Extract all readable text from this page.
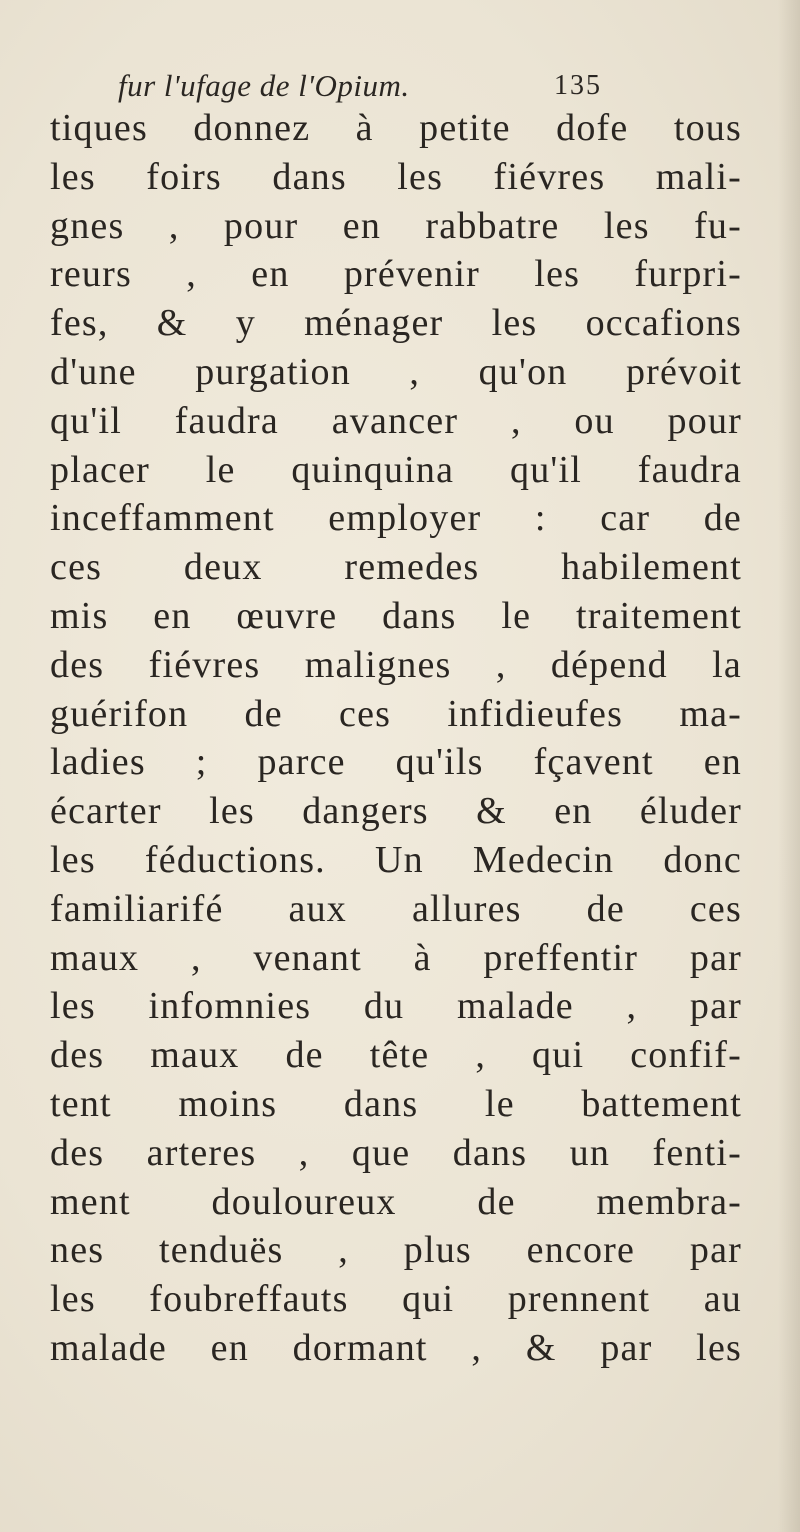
fur l'ufage de l'Opium.	135
tiques donnez à petite dofe tous
les foirs dans les fiévres mali-
gnes , pour en rabbatre les fu-
reurs , en prévenir les furpri-
fes, & y ménager les occafions
d'une purgation , qu'on prévoit
qu'il faudra avancer , ou pour
placer le quinquina qu'il faudra
inceffamment employer : car de
ces deux remedes habilement
mis en œuvre dans le traitement
des fiévres malignes , dépend la
guérifon de ces infidieufes ma-
ladies ; parce qu'ils fçavent en
écarter les dangers & en éluder
les féductions. Un Medecin donc
familiarifé aux allures de ces
maux , venant à preffentir par
les infomnies du malade , par
des maux de tête , qui confif-
tent moins dans le battement
des arteres , que dans un fenti-
ment douloureux de membra-
nes tenduës , plus encore par
les foubreffauts qui prennent au
malade en dormant , & par les
